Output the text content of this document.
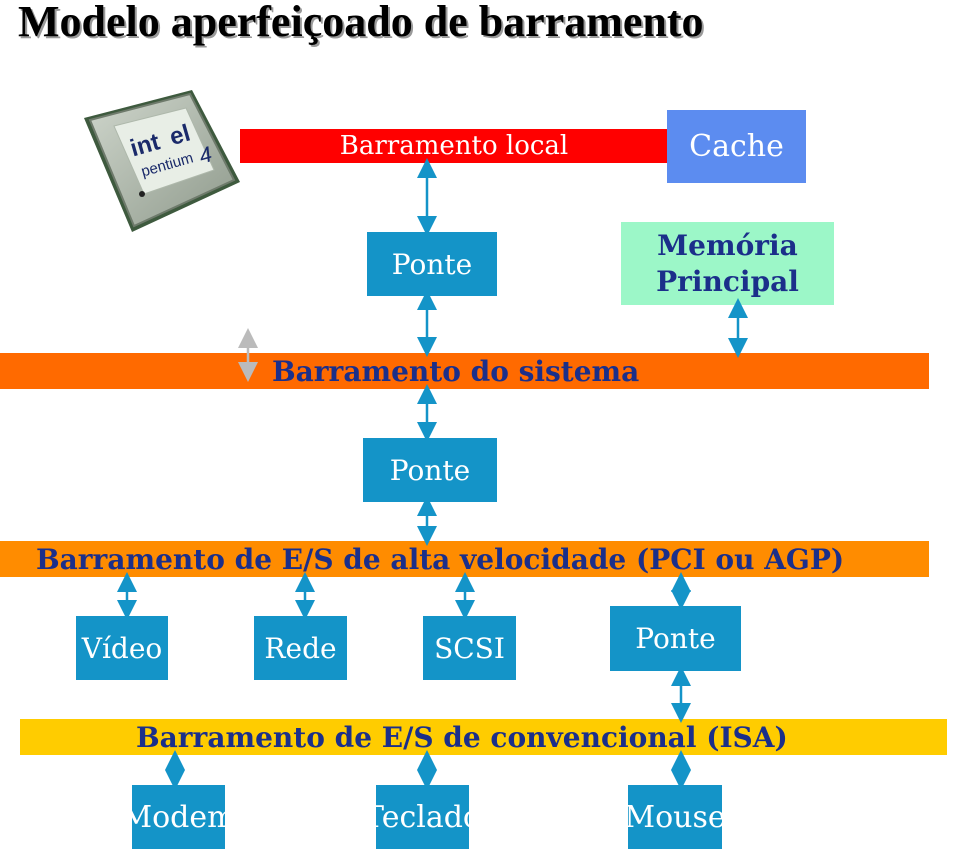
Modelo aperfeiçoado de barramento
int el
pentium 4	Barramento local	Cache
Ponte
Memória Principal
Barramento do sistema
Ponte
Barramento de E/S de alta velocidade (PCI ou AGP)
Vídeo	Rede	SCSI	Ponte
Barramento de E/S de convencional (ISA)
Modem	Teclado	Mouse
